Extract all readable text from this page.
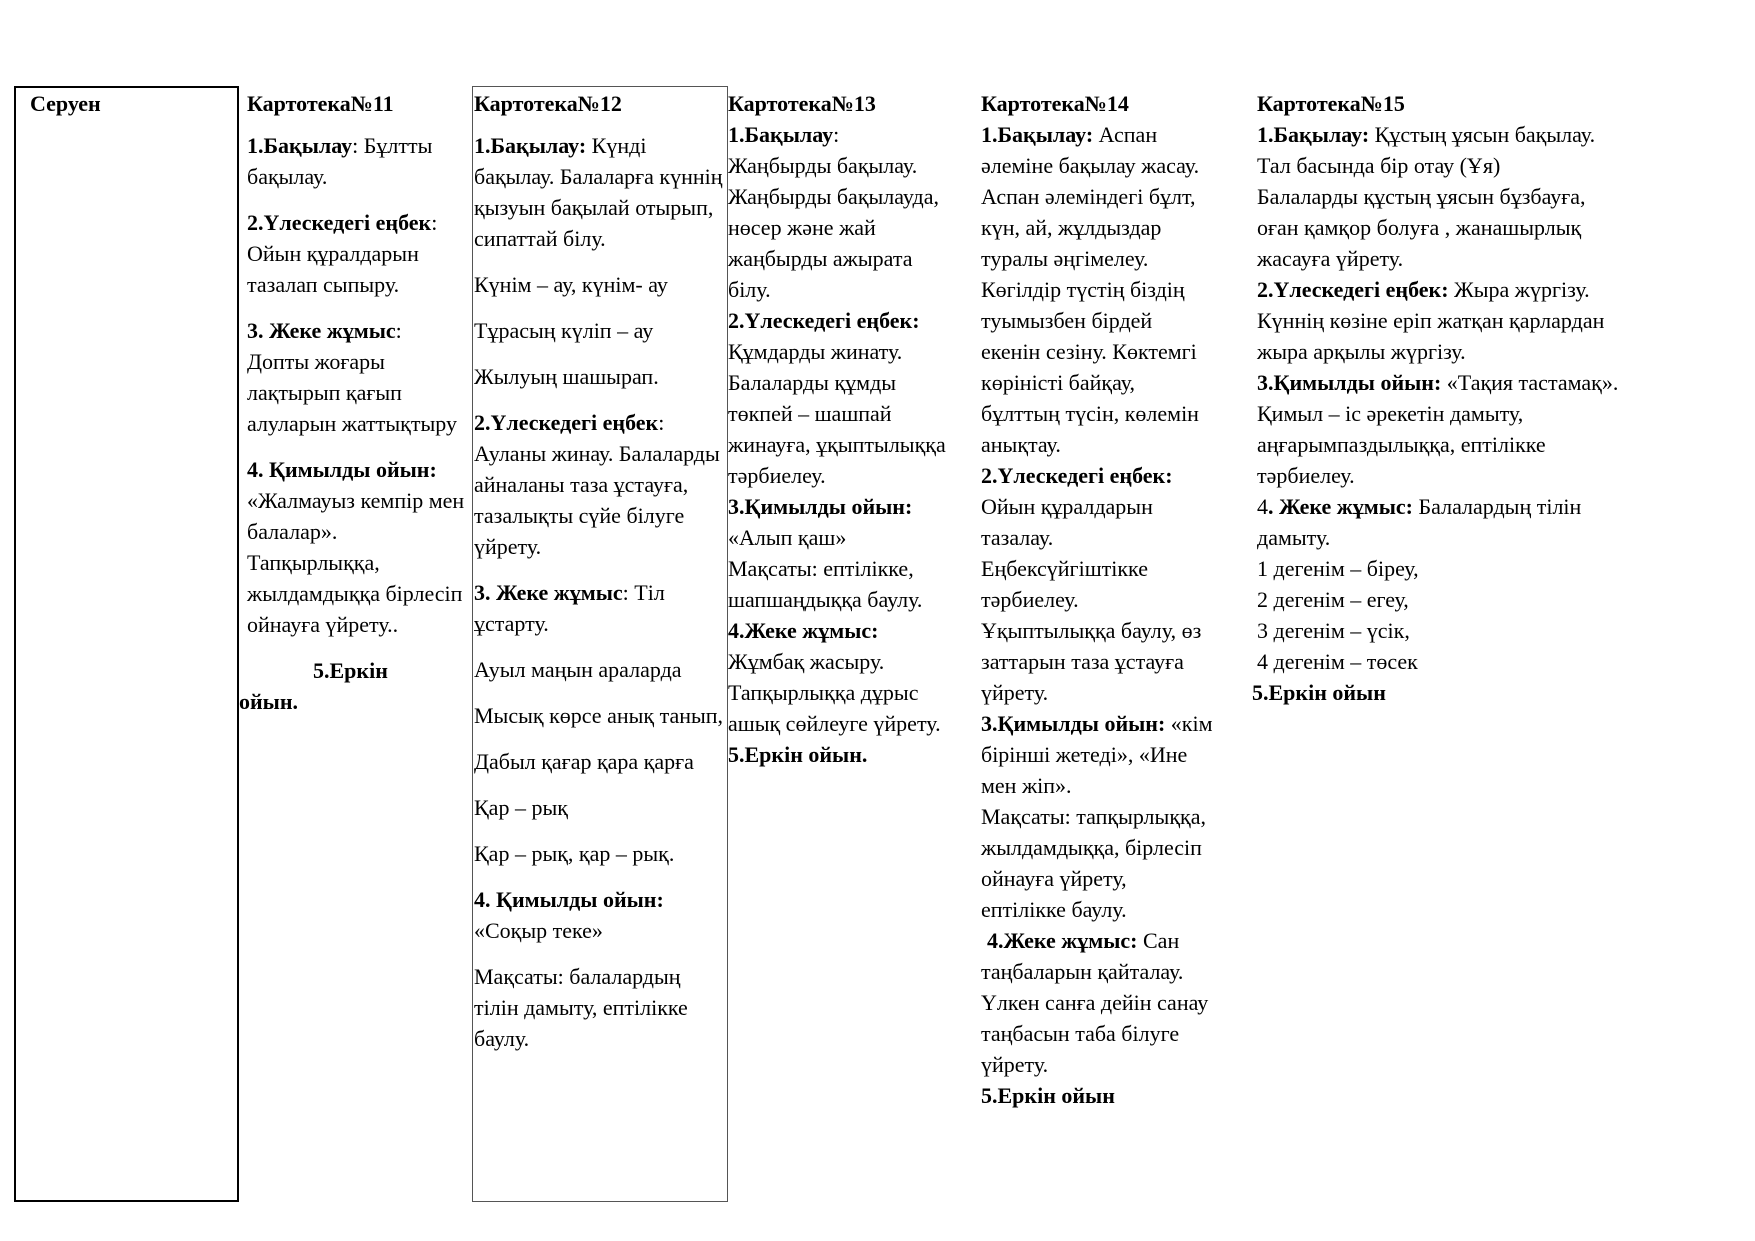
Серуен	Картотека№11

1.Бақылау: Бұлтты бақылау.

2.Үлескедегі еңбек: Ойын құралдарын тазалап сыпыру.

3. Жеке жұмыс: Допты жоғары лақтырып қағып алуларын жаттықтыру

4. Қимылды ойын: «Жалмауыз кемпір мен балалар». Тапқырлыққа, жылдамдыққа бірлесіп ойнауға үйрету..

5.Еркін
ойын.

Картотека№12

1.Бақылау: Күнді бақылау. Балаларға күннің қызуын бақылай отырып, сипаттай білу.

Күнім – ау, күнім- ау

Тұрасың күліп – ау

Жылуың шашырап.

2.Үлескедегі еңбек: Ауланы жинау. Балаларды айналаны таза ұстауға, тазалықты сүйе білуге үйрету.

3. Жеке жұмыс: Тіл ұстарту.

Ауыл маңын араларда

Мысық көрсе анық танып,

Дабыл қағар қара қарға

Қар – рық

Қар – рық, қар – рық.

4. Қимылды ойын:
«Соқыр теке»

Мақсаты: балалардың тілін дамыту, ептілікке баулу.

Картотека№13

1.Бақылау:

Жаңбырды бақылау.

Жаңбырды бақылауда,

нөсер және жай

жаңбырды ажырата

білу.

2.Үлескедегі еңбек:

Құмдарды жинату.

Балаларды құмды

төкпей – шашпай

жинауға, ұқыптылыққа

тәрбиелеу.

3.Қимылды ойын:

«Алып қаш»

Мақсаты: ептілікке,

шапшаңдыққа баулу.

4.Жеке жұмыс:

Жұмбақ жасыру.

Тапқырлыққа дұрыс

ашық сөйлеуге үйрету.

5.Еркін ойын.

Картотека№14

1.Бақылау: Аспан

әлеміне бақылау жасау.

Аспан әлеміндегі бұлт,

күн, ай, жұлдыздар

туралы әңгімелеу.

Көгілдір түстің біздің

туымызбен бірдей

екенін сезіну. Көктемгі

көріністі байқау,

бұлттың түсін, көлемін

анықтау.

2.Үлескедегі еңбек:

Ойын құралдарын

тазалау.

Еңбексүйгіштікке

тәрбиелеу.

Ұқыптылыққа баулу, өз

заттарын таза ұстауға

үйрету.

3.Қимылды ойын: «кім

бірінші жетеді», «Ине

мен жіп».

Мақсаты: тапқырлыққа,

жылдамдыққа, бірлесіп

ойнауға үйрету,

ептілікке баулу.

4.Жеке жұмыс: Сан

таңбаларын қайталау.

Үлкен санға дейін санау

таңбасын таба білуге

үйрету.

5.Еркін ойын

Картотека№15

1.Бақылау: Құстың ұясын бақылау.

Тал басында бір отау (Ұя)

Балаларды құстың ұясын бұзбауға,

оған қамқор болуға , жанашырлық

жасауға үйрету.

2.Үлескедегі еңбек: Жыра жүргізу.

Күннің көзіне еріп жатқан қарлардан

жыра арқылы жүргізу.

3.Қимылды ойын: «Тақия тастамақ».

Қимыл – іс әрекетін дамыту,

аңғарымпаздылыққа, ептілікке

тәрбиелеу.

4. Жеке жұмыс: Балалардың тілін

дамыту.

1 дегенім – біреу,

2 дегенім – егеу,

3 дегенім – үсік,

4 дегенім – төсек

5.Еркін ойын
